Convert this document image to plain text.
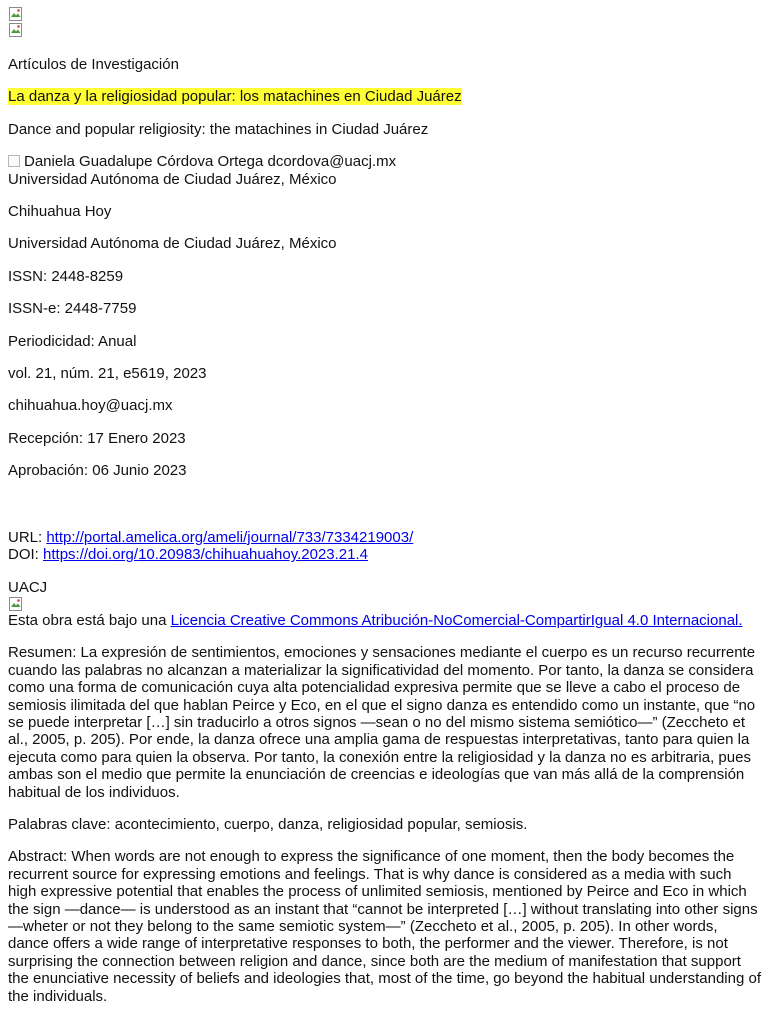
Artículos de Investigación

La danza y la religiosidad popular: los matachines en Ciudad Juárez

Dance and popular religiosity: the matachines in Ciudad Juárez

Daniela Guadalupe Córdova Ortega dcordova@uacj.mx
Universidad Autónoma de Ciudad Juárez, México

Chihuahua Hoy

Universidad Autónoma de Ciudad Juárez, México

ISSN: 2448-8259

ISSN-e: 2448-7759

Periodicidad: Anual

vol. 21, núm. 21, e5619, 2023

chihuahua.hoy@uacj.mx

Recepción: 17 Enero 2023

Aprobación: 06 Junio 2023

URL: http://portal.amelica.org/ameli/journal/733/7334219003/
DOI: https://doi.org/10.20983/chihuahuahoy.2023.21.4

UACJ

Esta obra está bajo una Licencia Creative Commons Atribución-NoComercial-CompartirIgual 4.0 Internacional.

Resumen: La expresión de sentimientos, emociones y sensaciones mediante el cuerpo es un recurso recurrente cuando las palabras no alcanzan a materializar la significatividad del momento. Por tanto, la danza se considera como una forma de comunicación cuya alta potencialidad expresiva permite que se lleve a cabo el proceso de semiosis ilimitada del que hablan Peirce y Eco, en el que el signo danza es entendido como un instante, que “no se puede interpretar […] sin traducirlo a otros signos —sean o no del mismo sistema semiótico—” (Zeccheto et al., 2005, p. 205). Por ende, la danza ofrece una amplia gama de respuestas interpretativas, tanto para quien la ejecuta como para quien la observa. Por tanto, la conexión entre la religiosidad y la danza no es arbitraria, pues ambas son el medio que permite la enunciación de creencias e ideologías que van más allá de la comprensión habitual de los individuos.

Palabras clave: acontecimiento, cuerpo, danza, religiosidad popular, semiosis.

Abstract: When words are not enough to express the significance of one moment, then the body becomes the recurrent source for expressing emotions and feelings. That is why dance is considered as a media with such high expressive potential that enables the process of unlimited semiosis, mentioned by Peirce and Eco in which the sign —dance— is understood as an instant that “cannot be interpreted […] without translating into other signs —wheter or not they belong to the same semiotic system—” (Zeccheto et al., 2005, p. 205). In other words, dance offers a wide range of interpretative responses to both, the performer and the viewer. Therefore, is not surprising the connection between religion and dance, since both are the medium of manifestation that support the enunciative necessity of beliefs and ideologies that, most of the time, go beyond the habitual understanding of the individuals.
